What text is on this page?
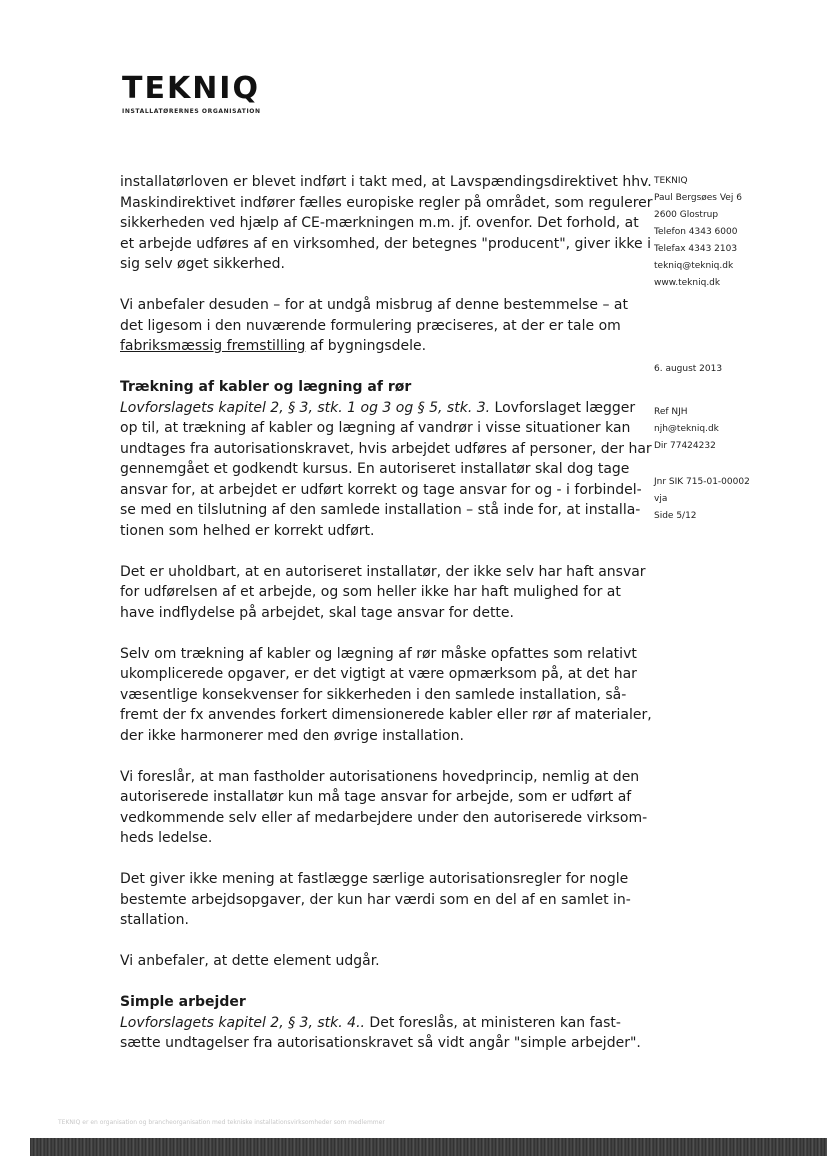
TEKNIQ
INSTALLATØRERNES ORGANISATION
TEKNIQ
Paul Bergsøes Vej 6
2600 Glostrup
Telefon 4343 6000
Telefax 4343 2103
tekniq@tekniq.dk
www.tekniq.dk
6. august 2013
Ref NJH
njh@tekniq.dk
Dir 77424232
Jnr SIK 715-01-00002
vja
Side 5/12
installatørloven er blevet indført i takt med, at Lavspændingsdirektivet hhv.
Maskindirektivet indfører fælles europiske regler på området, som regulerer
sikkerheden ved hjælp af CE-mærkningen m.m. jf. ovenfor. Det forhold, at
et arbejde udføres af en virksomhed, der betegnes "producent", giver ikke i
sig selv øget sikkerhed.
Vi anbefaler desuden – for at undgå misbrug af denne bestemmelse – at
det ligesom i den nuværende formulering præciseres, at der er tale om
fabriksmæssig fremstilling af bygningsdele.
Trækning af kabler og lægning af rør
Lovforslagets kapitel 2, § 3, stk. 1 og 3 og § 5, stk. 3. Lovforslaget lægger
op til, at trækning af kabler og lægning af vandrør i visse situationer kan
undtages fra autorisationskravet, hvis arbejdet udføres af personer, der har
gennemgået et godkendt kursus. En autoriseret installatør skal dog tage
ansvar for, at arbejdet er udført korrekt og tage ansvar for og - i forbindel-
se med en tilslutning af den samlede installation – stå inde for, at installa-
tionen som helhed er korrekt udført.
Det er uholdbart, at en autoriseret installatør, der ikke selv har haft ansvar
for udførelsen af et arbejde, og som heller ikke har haft mulighed for at
have indflydelse på arbejdet, skal tage ansvar for dette.
Selv om trækning af kabler og lægning af rør måske opfattes som relativt
ukomplicerede opgaver, er det vigtigt at være opmærksom på, at det har
væsentlige konsekvenser for sikkerheden i den samlede installation, så-
fremt der fx anvendes forkert dimensionerede kabler eller rør af materialer,
der ikke harmonerer med den øvrige installation.
Vi foreslår, at man fastholder autorisationens hovedprincip, nemlig at den
autoriserede installatør kun må tage ansvar for arbejde, som er udført af
vedkommende selv eller af medarbejdere under den autoriserede virksom-
heds ledelse.
Det giver ikke mening at fastlægge særlige autorisationsregler for nogle
bestemte arbejdsopgaver, der kun har værdi som en del af en samlet in-
stallation.
Vi anbefaler, at dette element udgår.
Simple arbejder
Lovforslagets kapitel 2, § 3, stk. 4.. Det foreslås, at ministeren kan fast-
sætte undtagelser fra autorisationskravet så vidt angår "simple arbejder".
TEKNIQ er en organisation og brancheorganisation med tekniske installationsvirksomheder som medlemmer
